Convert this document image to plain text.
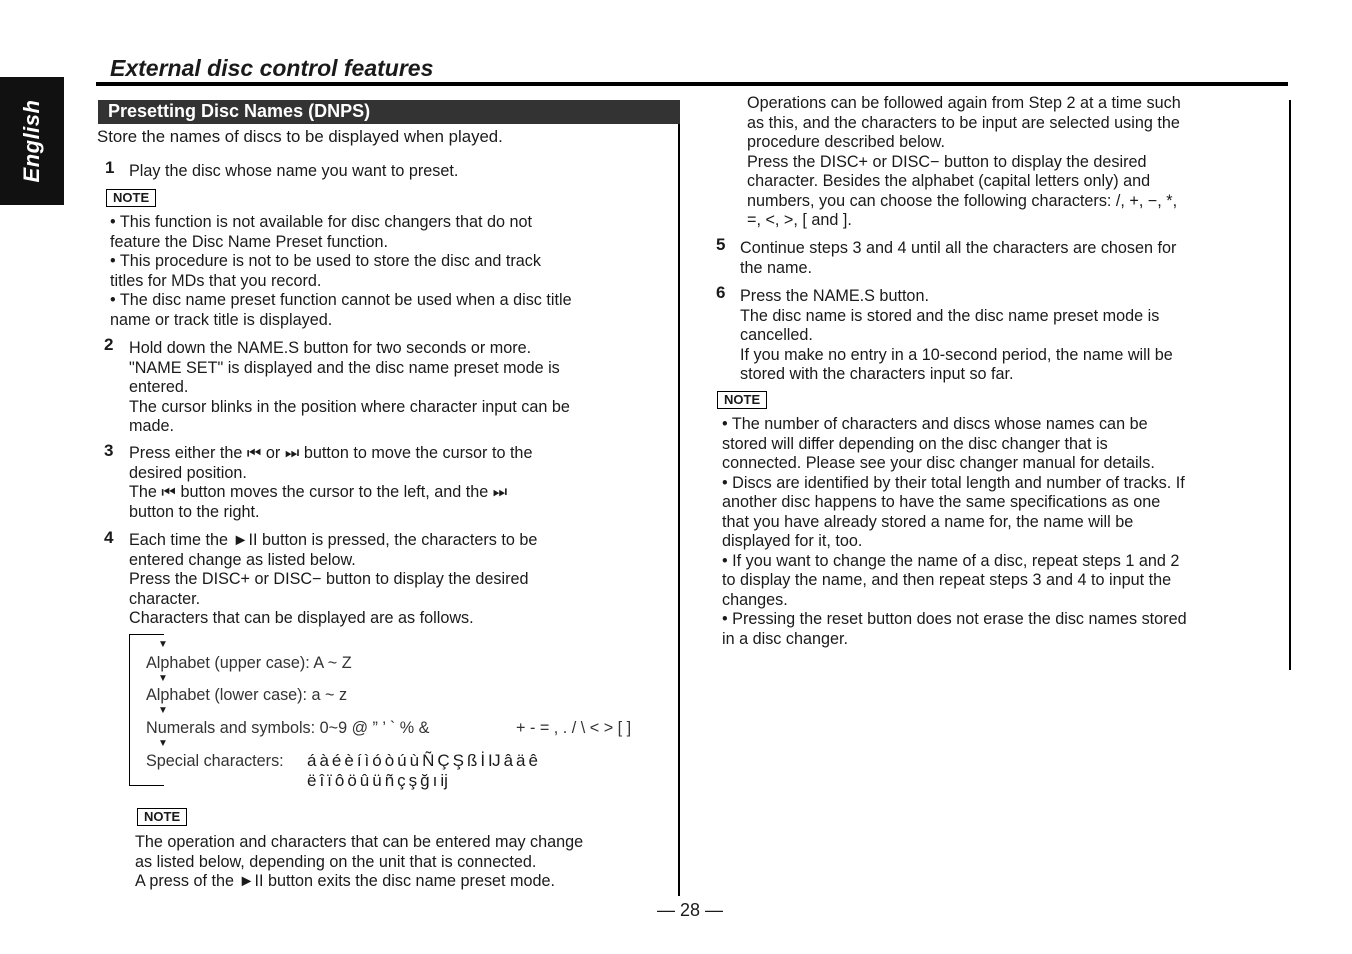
English
External disc control features
Presetting Disc Names (DNPS)
Store the names of discs to be displayed when played.
1 Play the disc whose name you want to preset.
NOTE
• This function is not available for disc changers that do not
feature the Disc Name Preset function.
• This procedure is not to be used to store the disc and track
titles for MDs that you record.
• The disc name preset function cannot be used when a disc title
name or track title is displayed.
2 Hold down the NAME.S button for two seconds or more.
"NAME SET" is displayed and the disc name preset mode is
entered.
The cursor blinks in the position where character input can be
made.
3 Press either the ⏮ or ⏭ button to move the cursor to the
desired position.
The ⏮ button moves the cursor to the left, and the ⏭
button to the right.
4 Each time the ►II button is pressed, the characters to be
entered change as listed below.
Press the DISC+ or DISC− button to display the desired
character.
Characters that can be displayed are as follows.
▼
Alphabet (upper case): A ~ Z
▼
Alphabet (lower case): a ~ z
▼
Numerals and symbols: 0~9 @ ” ’ ` % &	+ - = , . / \ < > [ ]
▼
Special characters: áàéèíìóòúùÑÇŞßİĲâäê
ëîïôöûüñçşğıĳ
NOTE
The operation and characters that can be entered may change
as listed below, depending on the unit that is connected.
A press of the ►II button exits the disc name preset mode.
Operations can be followed again from Step 2 at a time such
as this, and the characters to be input are selected using the
procedure described below.
Press the DISC+ or DISC− button to display the desired
character. Besides the alphabet (capital letters only) and
numbers, you can choose the following characters: /, +, −, *,
=, <, >, [ and ].
5 Continue steps 3 and 4 until all the characters are chosen for
the name.
6 Press the NAME.S button.
The disc name is stored and the disc name preset mode is
cancelled.
If you make no entry in a 10-second period, the name will be
stored with the characters input so far.
NOTE
• The number of characters and discs whose names can be
stored will differ depending on the disc changer that is
connected. Please see your disc changer manual for details.
• Discs are identified by their total length and number of tracks. If
another disc happens to have the same specifications as one
that you have already stored a name for, the name will be
displayed for it, too.
• If you want to change the name of a disc, repeat steps 1 and 2
to display the name, and then repeat steps 3 and 4 to input the
changes.
• Pressing the reset button does not erase the disc names stored
in a disc changer.
— 28 —
